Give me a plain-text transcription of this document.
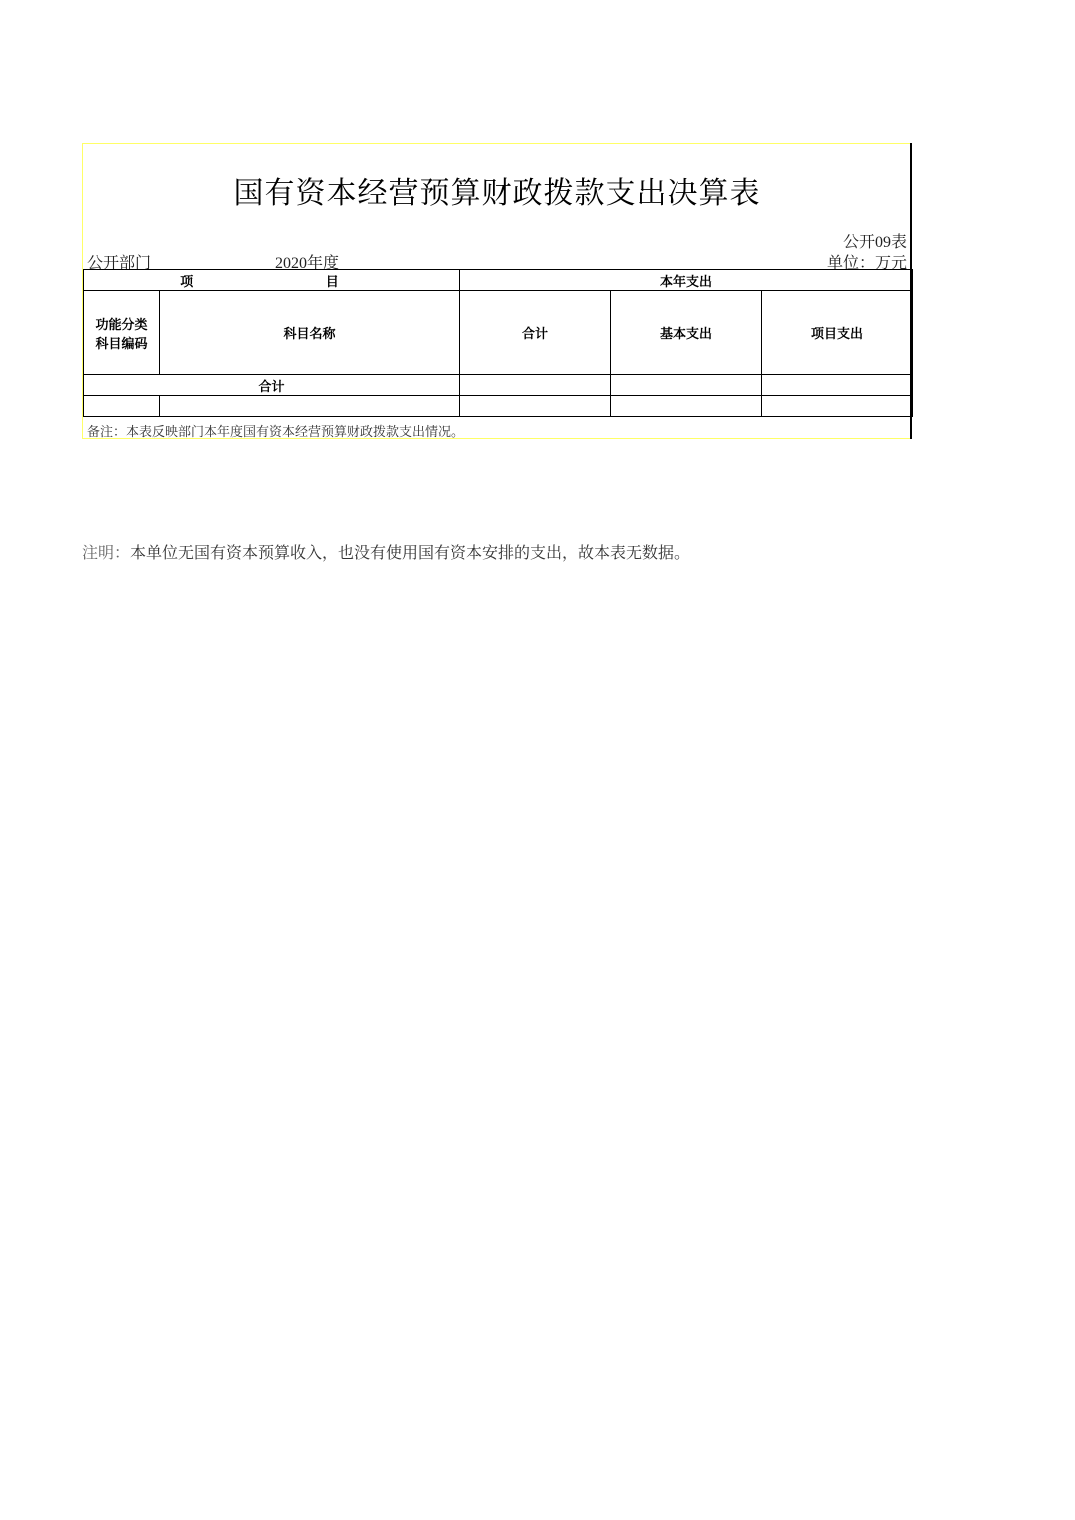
国有资本经营预算财政拨款支出决算表
公开09表
公开部门	2020年度	单位：万元
项 目		本年支出		
功能分类
科目编码	科目名称	合计	基本支出	项目支出
合计				

备注：本表反映部门本年度国有资本经营预算财政拨款支出情况。
注明：本单位无国有资本预算收入，也没有使用国有资本安排的支出，故本表无数据。
